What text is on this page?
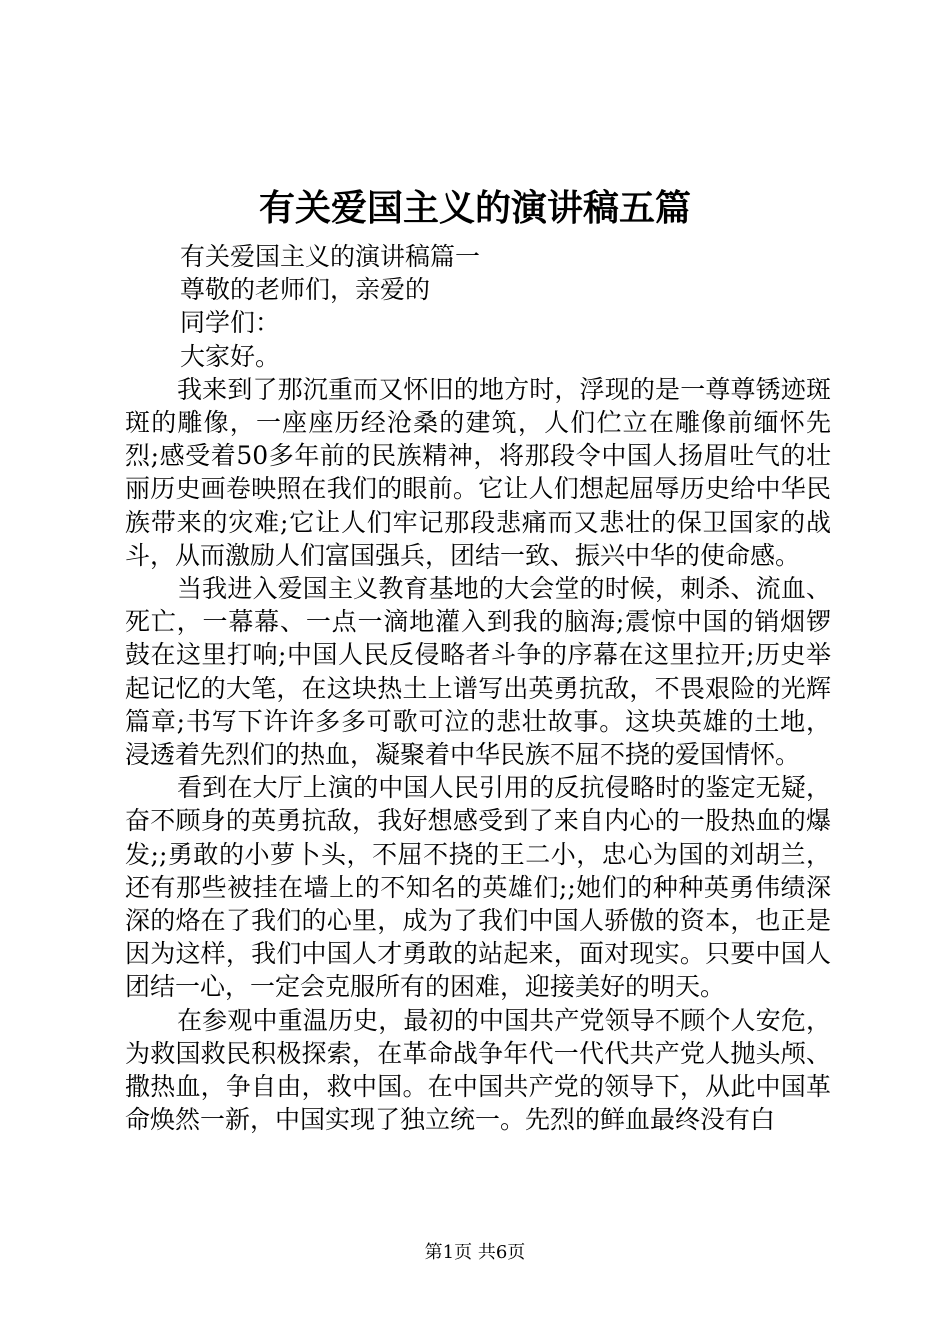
有关爱国主义的演讲稿五篇

有关爱国主义的演讲稿篇一

尊敬的老师们，亲爱的

同学们：

大家好。

我来到了那沉重而又怀旧的地方时，浮现的是一尊尊锈迹斑斑的雕像，一座座历经沧桑的建筑，人们伫立在雕像前缅怀先烈;感受着50多年前的民族精神，将那段令中国人扬眉吐气的壮丽历史画卷映照在我们的眼前。它让人们想起屈辱历史给中华民族带来的灾难;它让人们牢记那段悲痛而又悲壮的保卫国家的战斗，从而激励人们富国强兵，团结一致、振兴中华的使命感。

当我进入爱国主义教育基地的大会堂的时候，刺杀、流血、死亡，一幕幕、一点一滴地灌入到我的脑海;震惊中国的销烟锣鼓在这里打响;中国人民反侵略者斗争的序幕在这里拉开;历史举起记忆的大笔，在这块热土上谱写出英勇抗敌，不畏艰险的光辉篇章;书写下许许多多可歌可泣的悲壮故事。这块英雄的土地，浸透着先烈们的热血，凝聚着中华民族不屈不挠的爱国情怀。

看到在大厅上演的中国人民引用的反抗侵略时的鉴定无疑，奋不顾身的英勇抗敌，我好想感受到了来自内心的一股热血的爆发;;勇敢的小萝卜头，不屈不挠的王二小，忠心为国的刘胡兰，还有那些被挂在墙上的不知名的英雄们;;她们的种种英勇伟绩深深的烙在了我们的心里，成为了我们中国人骄傲的资本，也正是因为这样，我们中国人才勇敢的站起来，面对现实。只要中国人团结一心，一定会克服所有的困难，迎接美好的明天。

在参观中重温历史，最初的中国共产党领导不顾个人安危，为救国救民积极探索，在革命战争年代一代代共产党人抛头颅、撒热血，争自由，救中国。在中国共产党的领导下，从此中国革命焕然一新，中国实现了独立统一。先烈的鲜血最终没有白

第1页 共6页
